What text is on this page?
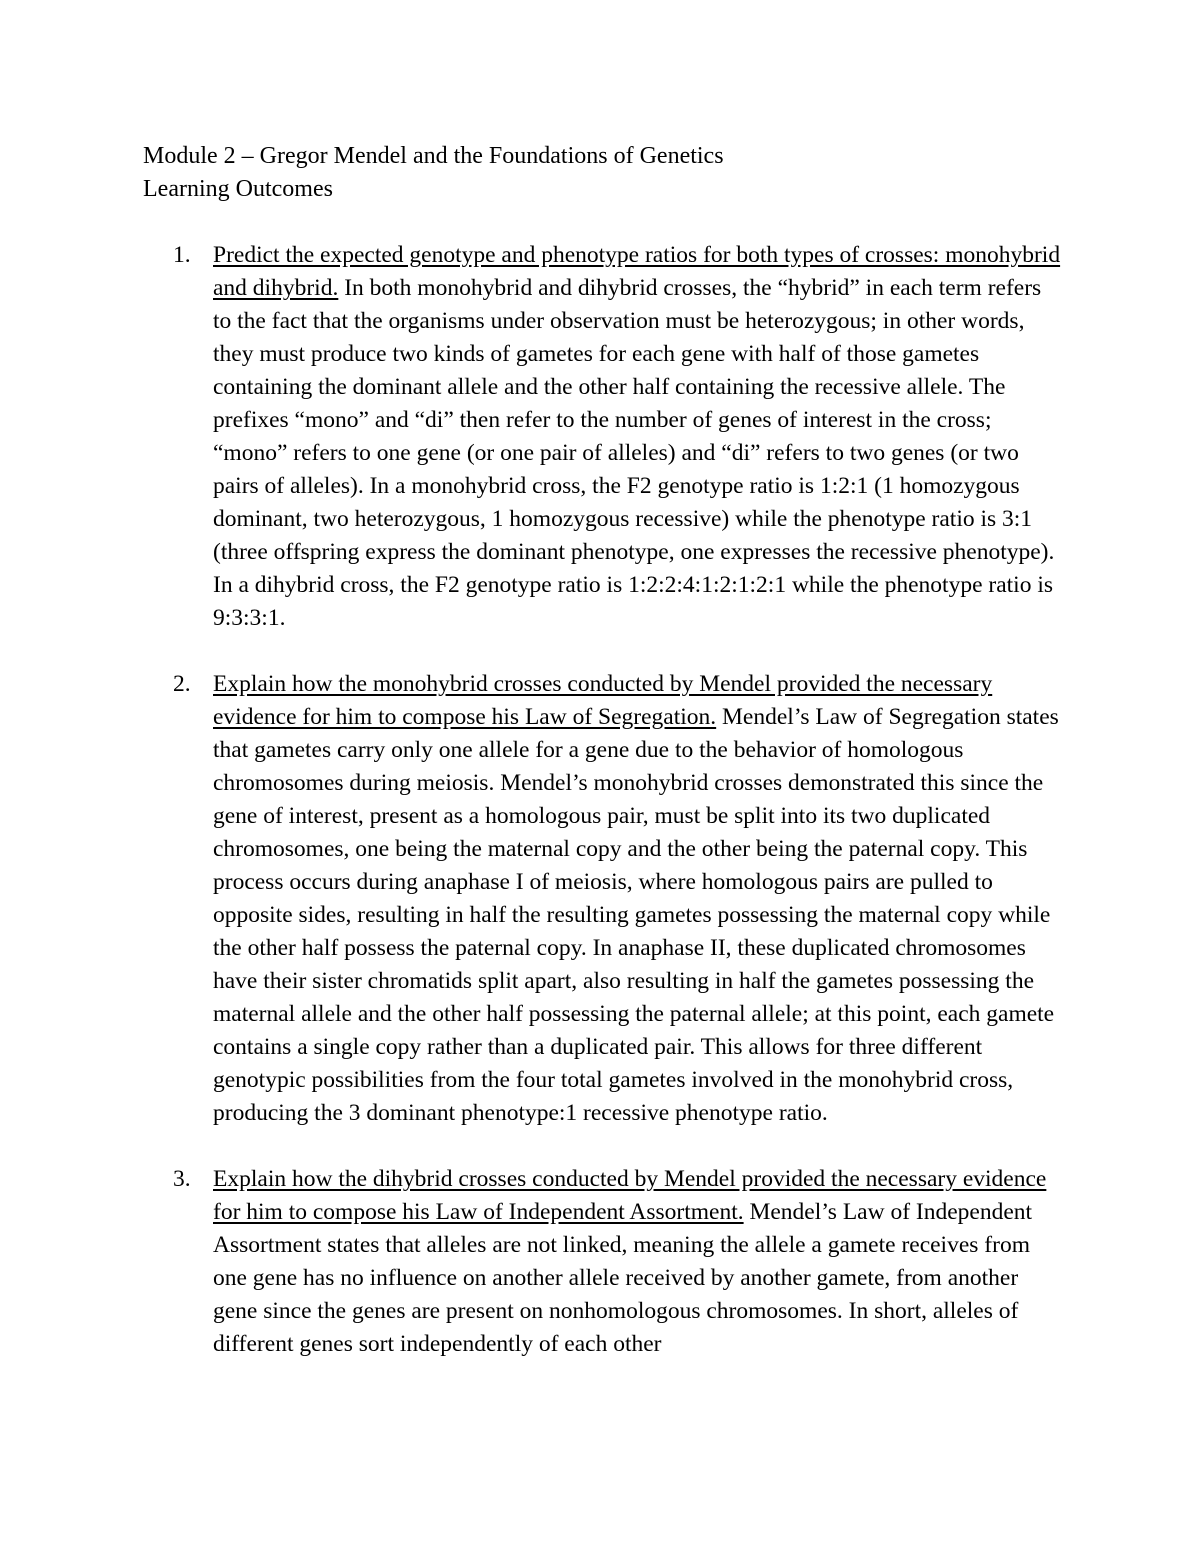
Module 2 – Gregor Mendel and the Foundations of Genetics
Learning Outcomes
1. Predict the expected genotype and phenotype ratios for both types of crosses: monohybrid and dihybrid. In both monohybrid and dihybrid crosses, the “hybrid” in each term refers to the fact that the organisms under observation must be heterozygous; in other words, they must produce two kinds of gametes for each gene with half of those gametes containing the dominant allele and the other half containing the recessive allele. The prefixes “mono” and “di” then refer to the number of genes of interest in the cross; “mono” refers to one gene (or one pair of alleles) and “di” refers to two genes (or two pairs of alleles). In a monohybrid cross, the F2 genotype ratio is 1:2:1 (1 homozygous dominant, two heterozygous, 1 homozygous recessive) while the phenotype ratio is 3:1 (three offspring express the dominant phenotype, one expresses the recessive phenotype). In a dihybrid cross, the F2 genotype ratio is 1:2:2:4:1:2:1:2:1 while the phenotype ratio is 9:3:3:1.
2. Explain how the monohybrid crosses conducted by Mendel provided the necessary evidence for him to compose his Law of Segregation. Mendel’s Law of Segregation states that gametes carry only one allele for a gene due to the behavior of homologous chromosomes during meiosis. Mendel’s monohybrid crosses demonstrated this since the gene of interest, present as a homologous pair, must be split into its two duplicated chromosomes, one being the maternal copy and the other being the paternal copy. This process occurs during anaphase I of meiosis, where homologous pairs are pulled to opposite sides, resulting in half the resulting gametes possessing the maternal copy while the other half possess the paternal copy. In anaphase II, these duplicated chromosomes have their sister chromatids split apart, also resulting in half the gametes possessing the maternal allele and the other half possessing the paternal allele; at this point, each gamete contains a single copy rather than a duplicated pair. This allows for three different genotypic possibilities from the four total gametes involved in the monohybrid cross, producing the 3 dominant phenotype:1 recessive phenotype ratio.
3. Explain how the dihybrid crosses conducted by Mendel provided the necessary evidence for him to compose his Law of Independent Assortment. Mendel’s Law of Independent Assortment states that alleles are not linked, meaning the allele a gamete receives from one gene has no influence on another allele received by another gamete, from another gene since the genes are present on nonhomologous chromosomes. In short, alleles of different genes sort independently of each other
